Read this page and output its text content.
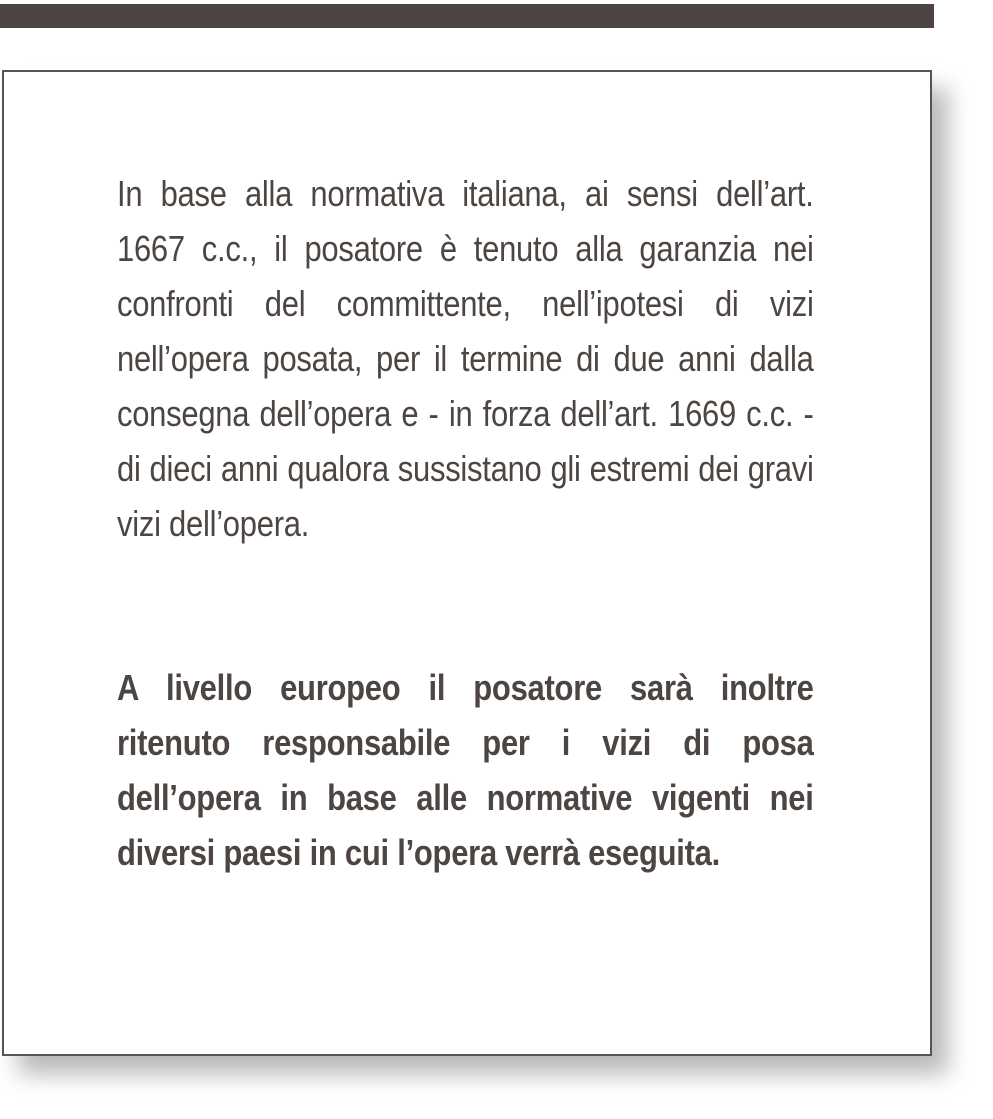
In base alla normativa italiana, ai sensi dell’art. 1667 c.c., il posatore è tenuto alla garanzia nei confronti del committente, nell’ipotesi di vizi nell’opera posata, per il termine di due anni dalla consegna dell’opera e - in forza dell’art. 1669 c.c. - di dieci anni qualora sussistano gli estremi dei gravi vizi dell’opera.

A livello europeo il posatore sarà inoltre ritenuto responsabile per i vizi di posa dell’opera in base alle normative vigenti nei diversi paesi in cui l’opera verrà eseguita.
